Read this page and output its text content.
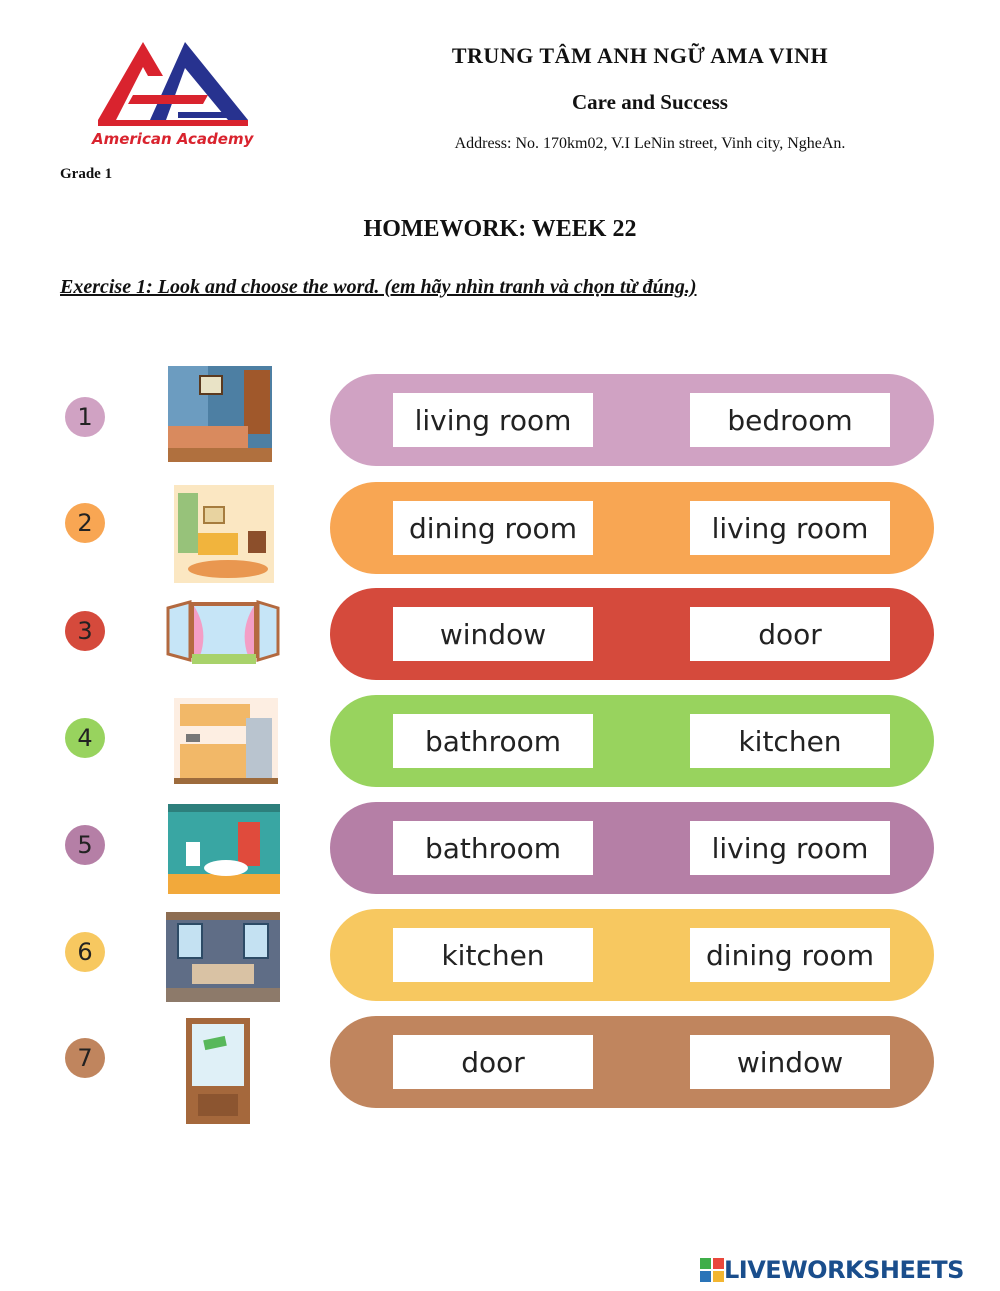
American Academy
TRUNG TÂM ANH NGỮ AMA VINH
Care and Success
Address: No. 170km02, V.I LeNin street, Vinh city, NgheAn.
Grade 1
HOMEWORK: WEEK 22
Exercise 1: Look and choose the word. (em hãy nhìn tranh và chọn từ đúng.)
1	living room	bedroom
2	dining room	living room
3	window	door
4	bathroom	kitchen
5	bathroom	living room
6	kitchen	dining room
7	door	window
LIVEWORKSHEETS
